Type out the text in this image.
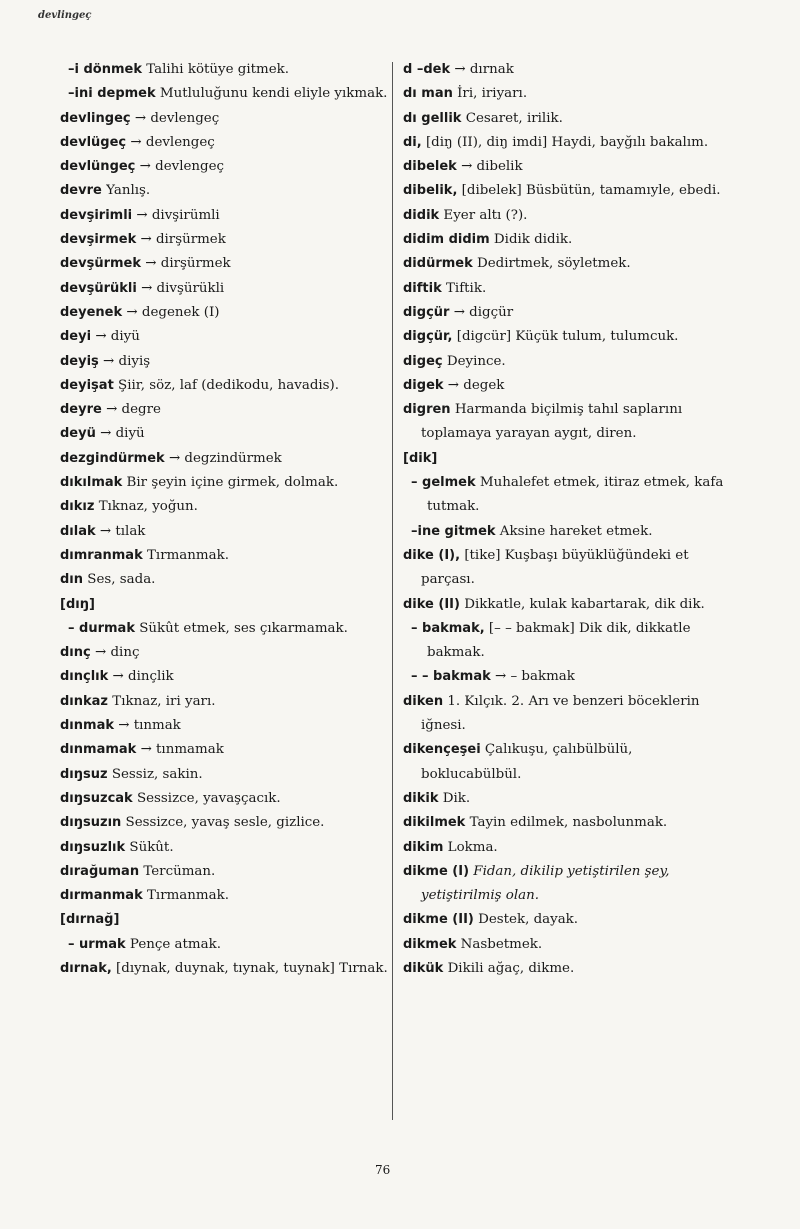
devlingeç
–i dönmek Talihi kötüye gitmek.
–ini depmek Mutluluğunu kendi eliyle yıkmak.
devlingeç → devlengeç
devlügeç → devlengeç
devlüngeç → devlengeç
devre Yanlış.
devşirimli → divşirümli
devşirmek → dirşürmek
devşürmek → dirşürmek
devşürükli → divşürükli
deyenek → degenek (I)
deyi → diyü
deyiş → diyiş
deyişat Şiir, söz, laf (dedikodu, havadis).
deyre → degre
deyü → diyü
dezgindürmek → degzindürmek
dıkılmak Bir şeyin içine girmek, dolmak.
dıkız Tıknaz, yoğun.
dılak → tılak
dımranmak Tırmanmak.
dın Ses, sada.
[dıŋ]
– durmak Sükût etmek, ses çıkarmamak.
dınç → dinç
dınçlık → dinçlik
dınkaz Tıknaz, iri yarı.
dınmak → tınmak
dınmamak → tınmamak
dıŋsuz Sessiz, sakin.
dıŋsuzcak Sessizce, yavaşçacık.
dıŋsuzın Sessizce, yavaş sesle, gizlice.
dıŋsuzlık Sükût.
dırağuman Tercüman.
dırmanmak Tırmanmak.
[dırnağ]
– urmak Pençe atmak.
dırnak, [dıynak, duynak, tıynak, tuynak] Tırnak.
d –dek → dırnak
dı man İri, iriyarı.
dı gellik Cesaret, irilik.
di, [diŋ (II), diŋ imdi] Haydi, bayğılı bakalım.
dibelek → dibelik
dibelik, [dibelek] Büsbütün, tamamıyle, ebedi.
didik Eyer altı (?).
didim didim Didik didik.
didürmek Dedirtmek, söyletmek.
diftik Tiftik.
digçür → digçür
digçür, [digcür] Küçük tulum, tulumcuk.
digeç Deyince.
digek → degek
digren Harmanda biçilmiş tahıl saplarını toplamaya yarayan aygıt, diren.
[dik]
– gelmek Muhalefet etmek, itiraz etmek, kafa tutmak.
–ine gitmek Aksine hareket etmek.
dike (I), [tike] Kuşbaşı büyüklüğündeki et parçası.
dike (II) Dikkatle, kulak kabartarak, dik dik.
– bakmak, [– – bakmak] Dik dik, dikkatle bakmak.
– – bakmak → – bakmak
diken 1. Kılçık. 2. Arı ve benzeri böceklerin iğnesi.
dikençeşei Çalıkuşu, çalıbülbülü, boklucabülbül.
dikik Dik.
dikilmek Tayin edilmek, nasbolunmak.
dikim Lokma.
dikme (I) Fidan, dikilip yetiştirilen şey, yetiştirilmiş olan.
dikme (II) Destek, dayak.
dikmek Nasbetmek.
dikük Dikili ağaç, dikme.
76
